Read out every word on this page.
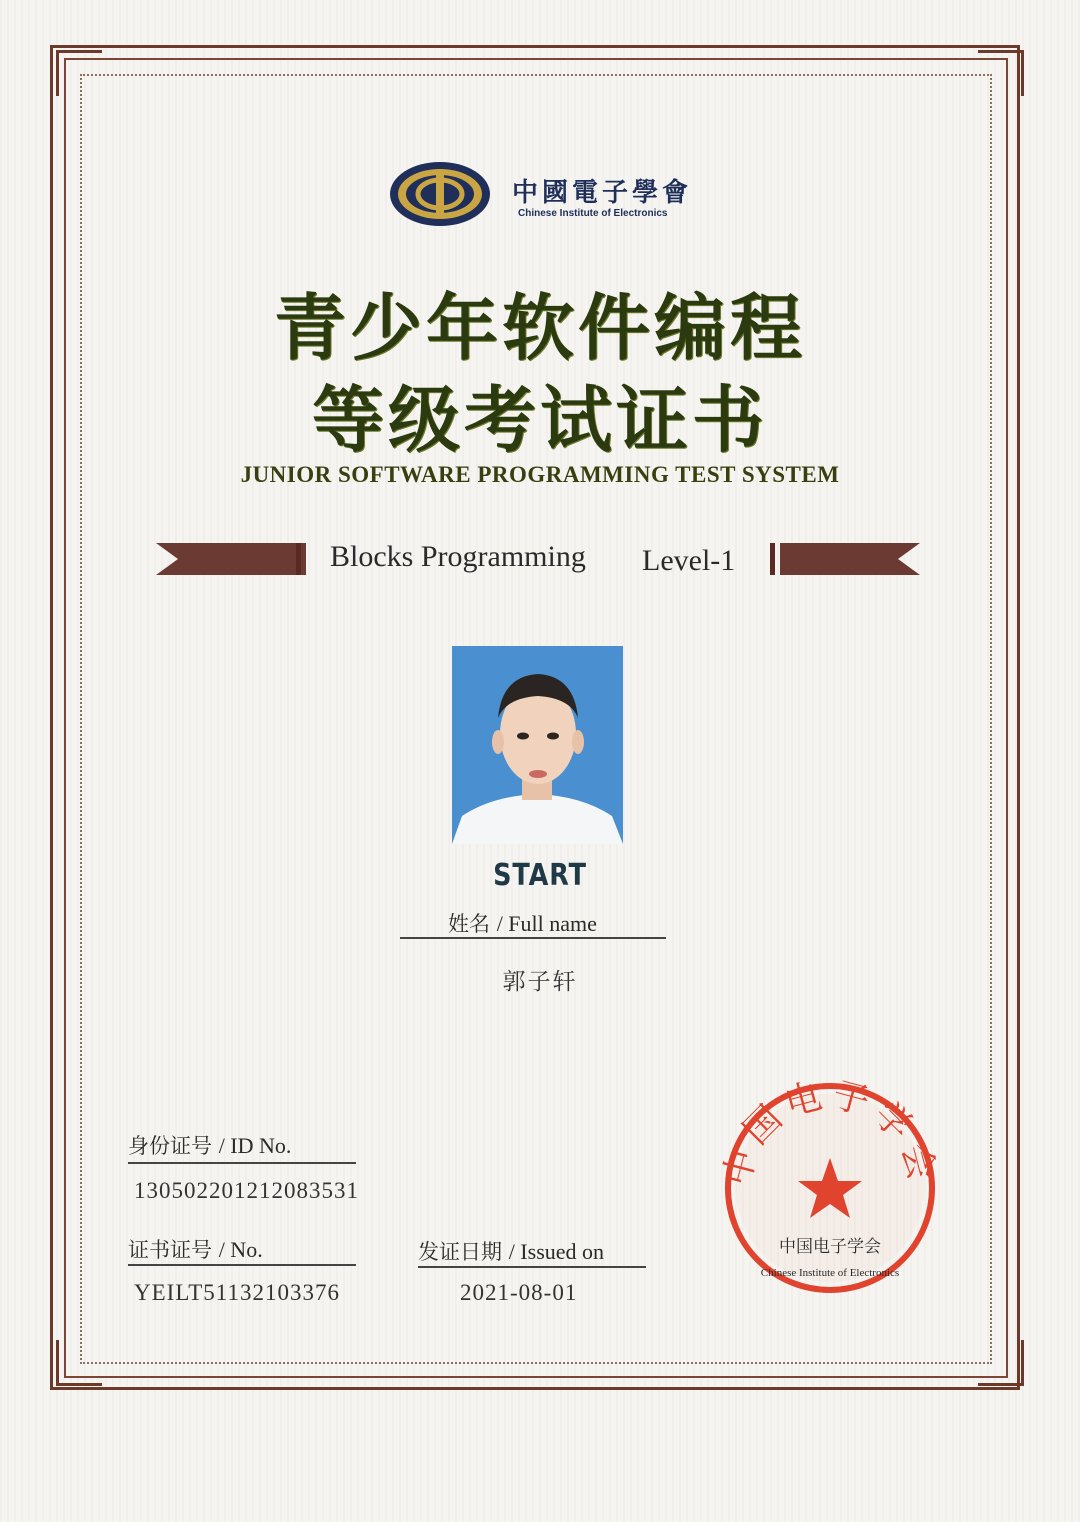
中國電子學會
Chinese Institute of Electronics
青少年软件编程
等级考试证书
JUNIOR SOFTWARE PROGRAMMING TEST SYSTEM
Blocks Programming Level-1
START
姓名 / Full name
郭子轩
身份证号 / ID No.
130502201212083531
证书证号 / No.
YEILT51132103376
发证日期 / Issued on
2021-08-01
国电子学
中国电子学会
Chinese Institute of Electronics
